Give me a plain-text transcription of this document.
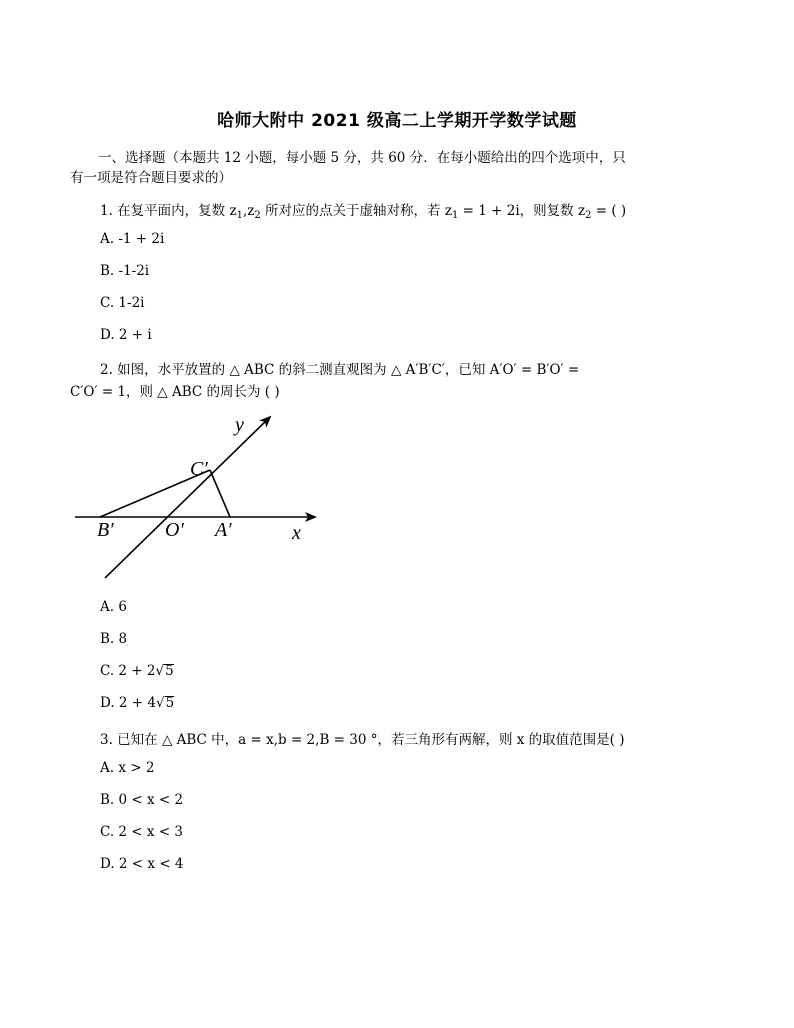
哈师大附中 2021 级高二上学期开学数学试题
一、选择题（本题共 12 小题，每小题 5 分，共 60 分．在每小题给出的四个选项中，只
有一项是符合题目要求的）
1. 在复平面内，复数 $z_1,z_2$ 所对应的点关于虚轴对称，若 $z_1 = 1 + 2i$，则复数 $z_2$ = ( )
A. -1 + 2i
B. -1-2i
C. 1-2i
D. 2 + i
2. 如图，水平放置的 △ ABC 的斜二测直观图为 △ A′B′C′，已知 A′O′ = B′O′ =
C′O′ = 1，则 △ ABC 的周长为 ( )
y
x
C′
B′	O′ A′
A. 6
B. 8
C. 2 + 2√5
D. 2 + 4√5
3. 已知在 △ ABC 中，a = x,b = 2,B = 30 °，若三角形有两解，则 x 的取值范围是( )
A. x > 2
B. 0 < x < 2
C. 2 < x < 3
D. 2 < x < 4
